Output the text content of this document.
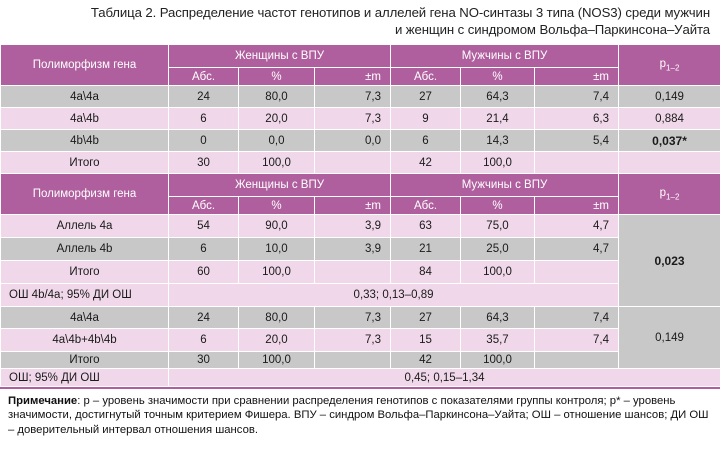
Таблица 2. Распределение частот генотипов и аллелей гена NO-синтазы 3 типа (NOS3) среди мужчин
и женщин с синдромом Вольфа–Паркинсона–Уайта
Полиморфизм гена	Женщины с ВПУ			Мужчины с ВПУ			$p_{1-2}$
	Абс.	%	±m	Абс.	%	±m	
4a\4a	24	80,0	7,3	27	64,3	7,4	0,149
4a\4b	6	20,0	7,3	9	21,4	6,3	0,884
4b\4b	0	0,0	0,0	6	14,3	5,4	0,037*
Итого	30	100,0		42	100,0		
Полиморфизм гена	Женщины с ВПУ			Мужчины с ВПУ			$p_{1-2}$
	Абс.	%	±m	Абс.	%	±m	
Аллель 4a	54	90,0	3,9	63	75,0	4,7	0,023
Аллель 4b	6	10,0	3,9	21	25,0	4,7	
Итого	60	100,0		84	100,0		
ОШ 4b/4a; 95% ДИ ОШ	0,33; 0,13–0,89						
4a\4a	24	80,0	7,3	27	64,3	7,4	0,149
4a\4b+4b\4b	6	20,0	7,3	15	35,7	7,4	
Итого	30	100,0		42	100,0		
ОШ; 95% ДИ ОШ	0,45; 0,15–1,34						
Примечание: p – уровень значимости при сравнении распределения генотипов с показателями группы контроля; p* – уровень значимости, достигнутый точным критерием Фишера. ВПУ – синдром Вольфа–Паркинсона–Уайта; ОШ – отношение шансов; ДИ ОШ – доверительный интервал отношения шансов.
